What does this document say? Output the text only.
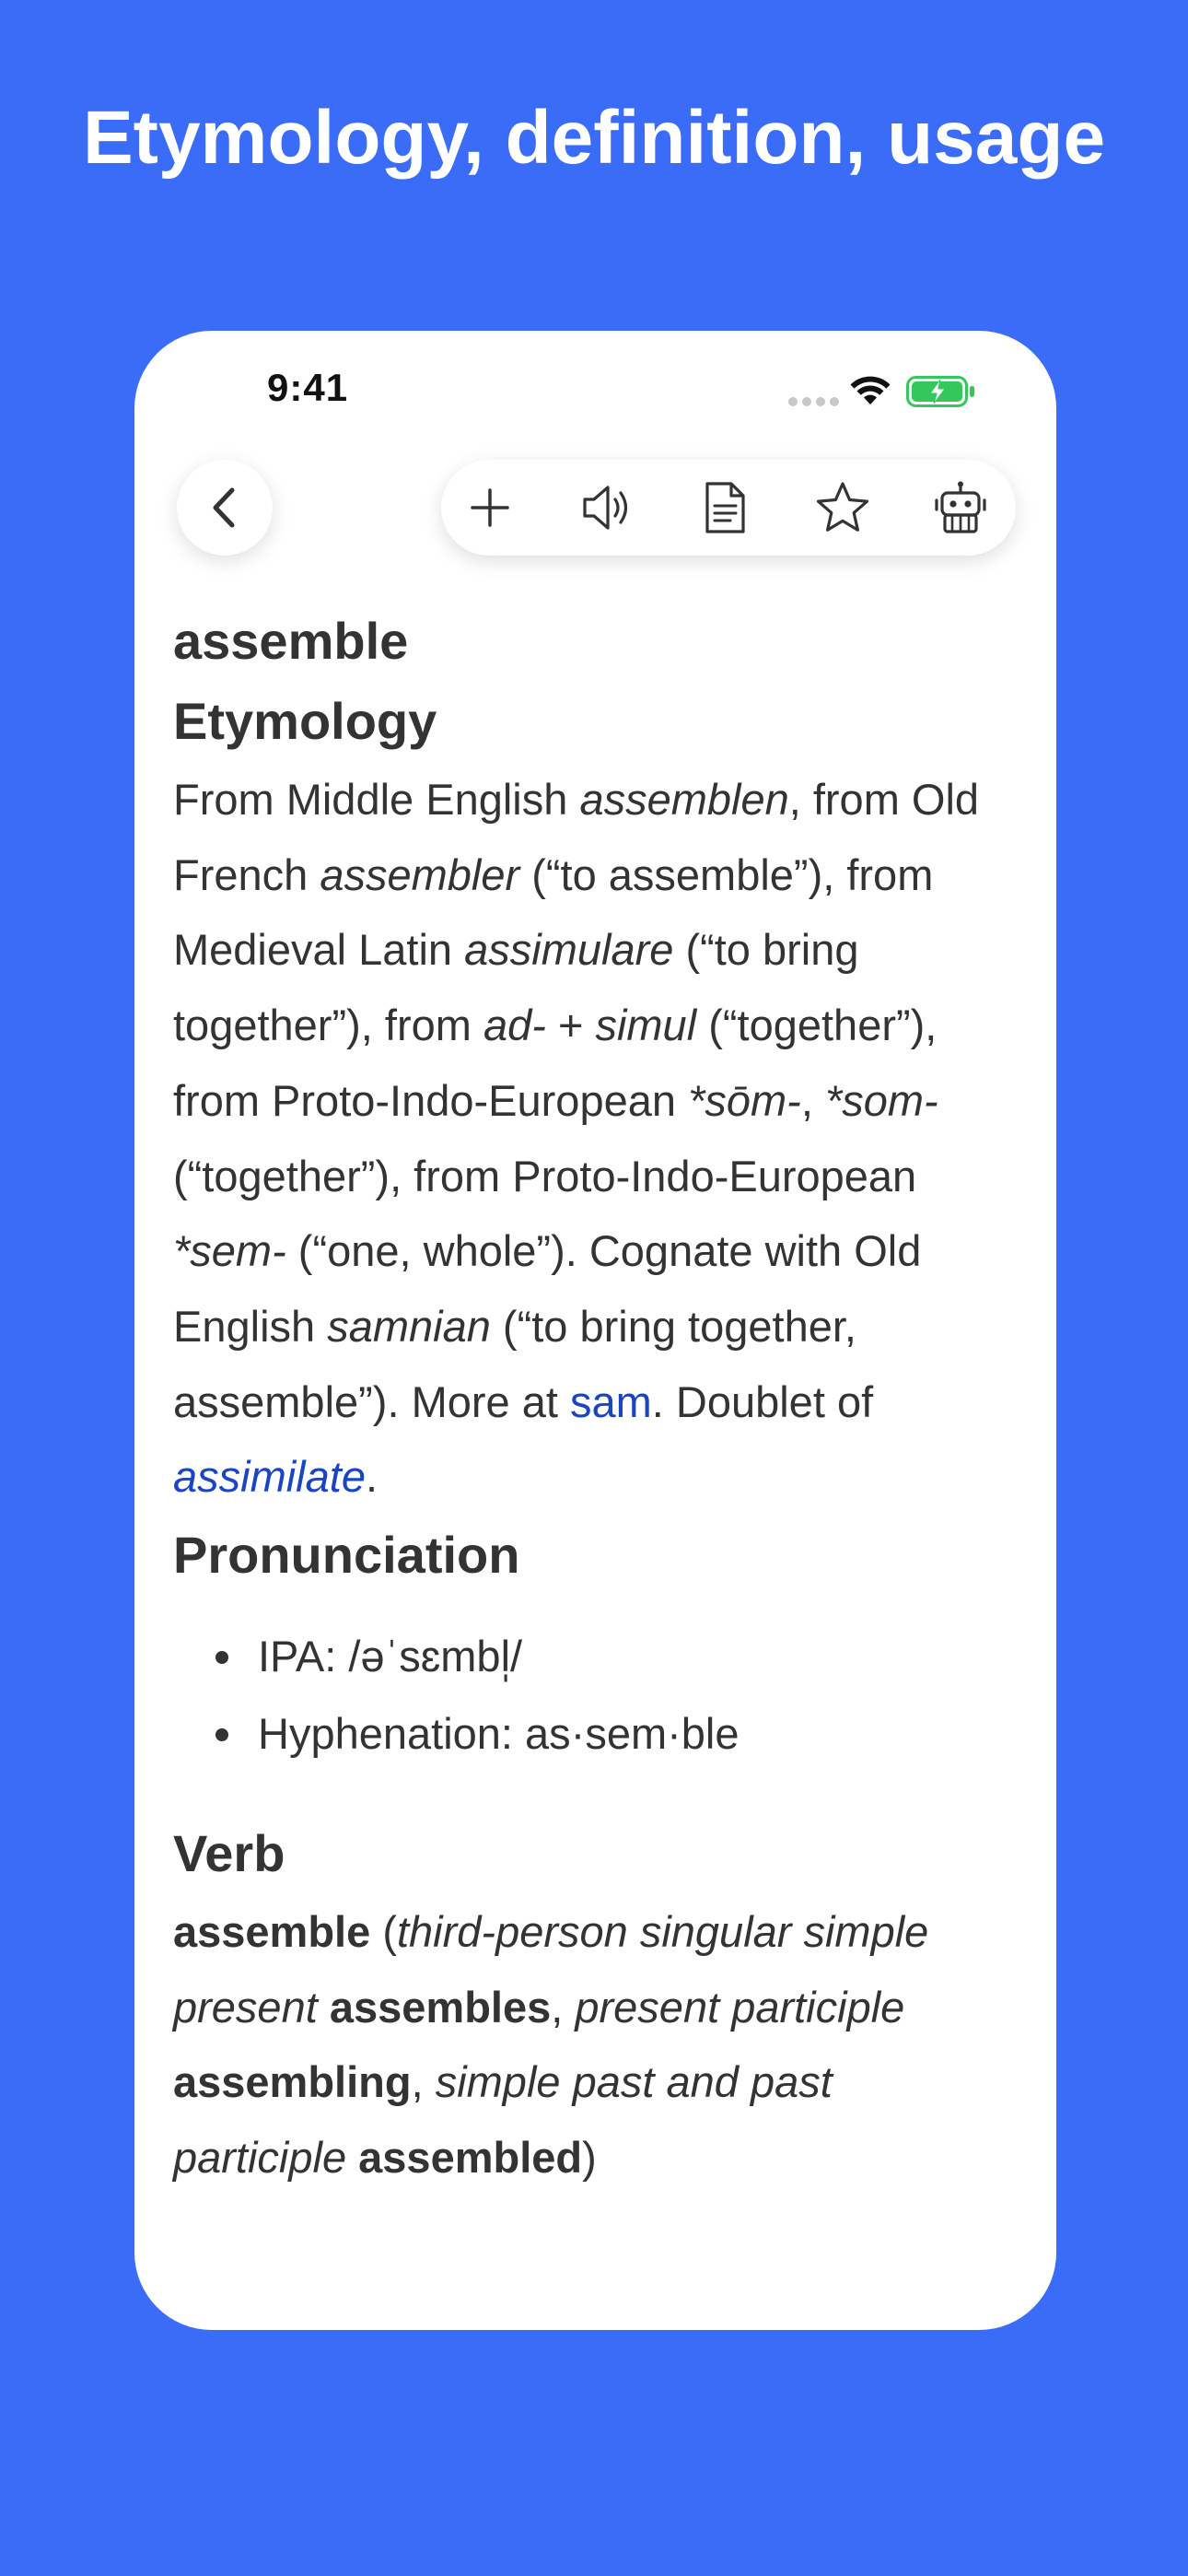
Etymology, definition, usage
9:41
assemble
Etymology

From Middle English assemblen, from Old French assembler (“to assemble”), from Medieval Latin assimulare (“to bring together”), from ad- + simul (“together”), from Proto-Indo-European *sōm-, *som- (“together”), from Proto-Indo-European *sem- (“one, whole”). Cognate with Old English samnian (“to bring together, assemble”). More at sam. Doublet of assimilate.

Pronunciation
IPA: /əˈsɛmbl̩/
Hyphenation: as·sem·ble
Verb

assemble (third-person singular simple present assembles, present participle assembling, simple past and past participle assembled)
